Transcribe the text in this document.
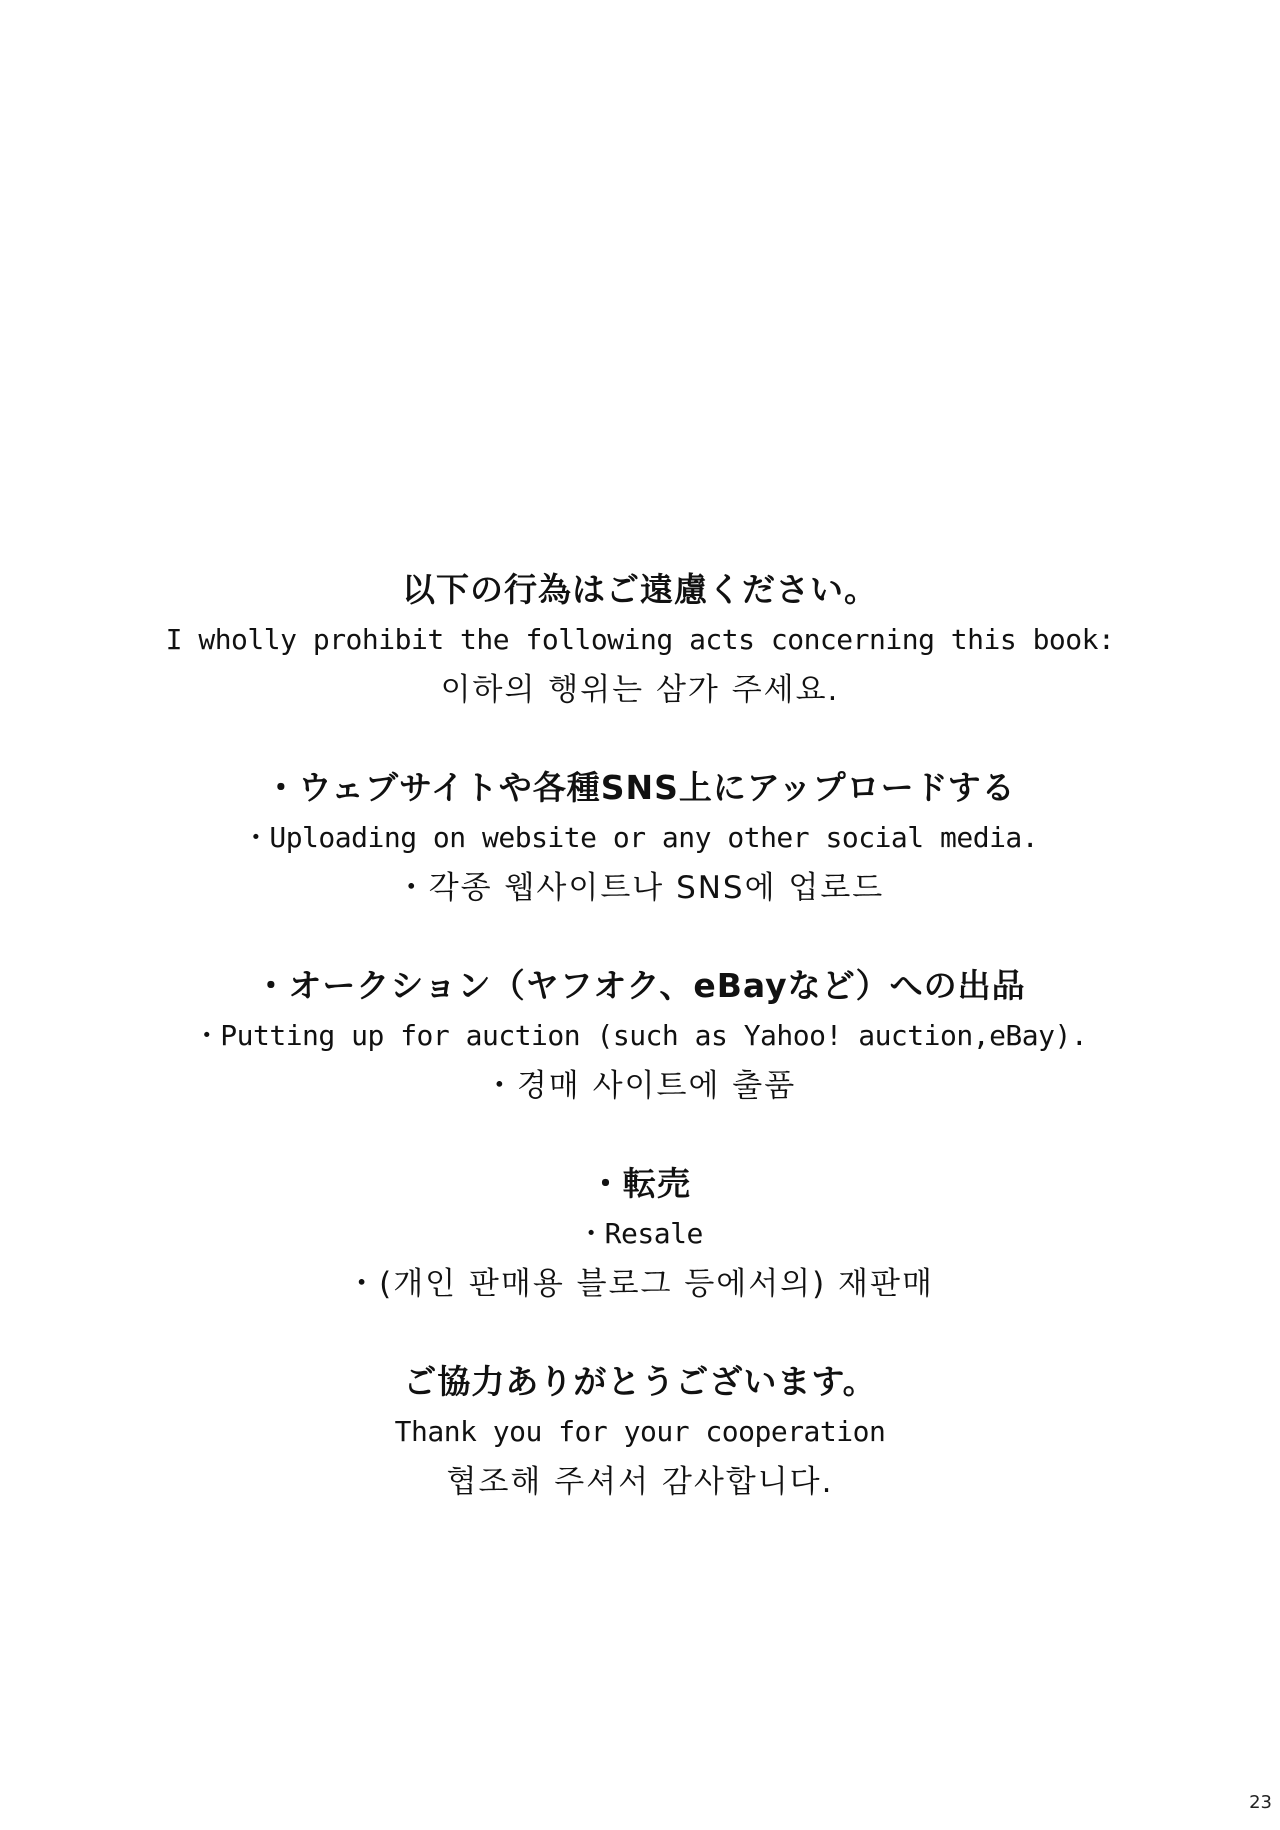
以下の行為はご遠慮ください。
I wholly prohibit the following acts concerning this book:
이하의 행위는 삼가 주세요.
・ウェブサイトや各種SNS上にアップロードする
・Uploading on website or any other social media.
・각종 웹사이트나 SNS에 업로드
・オークション（ヤフオク、eBayなど）への出品
・Putting up for auction (such as Yahoo! auction,eBay).
・경매 사이트에 출품
・転売
・Resale
・(개인 판매용 블로그 등에서의) 재판매
ご協力ありがとうございます。
Thank you for your cooperation
협조해 주셔서 감사합니다.
23
